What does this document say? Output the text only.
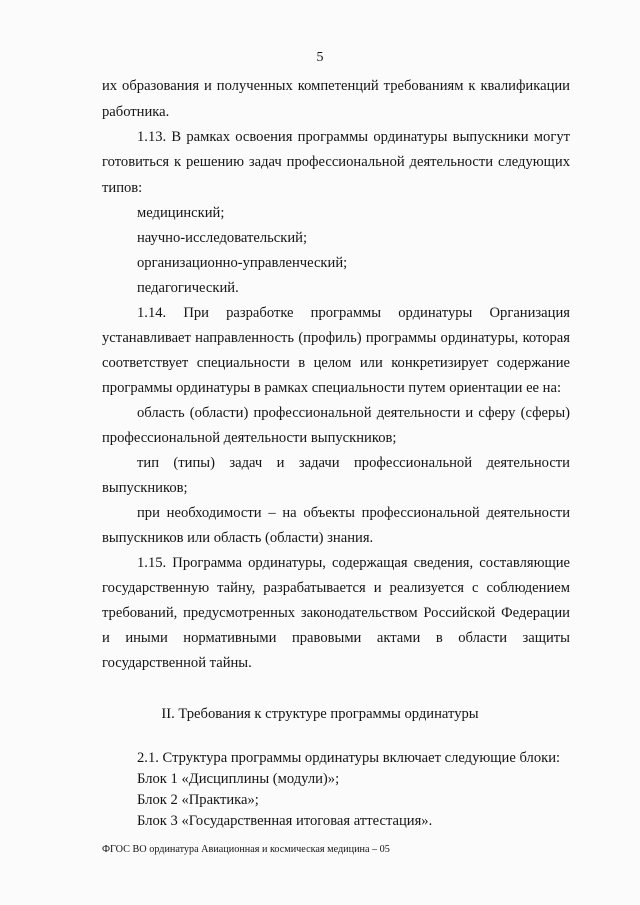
5
их образования и полученных компетенций требованиям к квалификации
работника.
1.13. В рамках освоения программы ординатуры выпускники могут
готовиться к решению задач профессиональной деятельности следующих
типов:
медицинский;
научно-исследовательский;
организационно-управленческий;
педагогический.
1.14. При разработке программы ординатуры Организация
устанавливает направленность (профиль) программы ординатуры, которая
соответствует специальности в целом или конкретизирует содержание
программы ординатуры в рамках специальности путем ориентации ее на:
область (области) профессиональной деятельности и сферу (сферы)
профессиональной деятельности выпускников;
тип (типы) задач и задачи профессиональной деятельности
выпускников;
при необходимости – на объекты профессиональной деятельности
выпускников или область (области) знания.
1.15. Программа ординатуры, содержащая сведения, составляющие
государственную тайну, разрабатывается и реализуется с соблюдением
требований, предусмотренных законодательством Российской Федерации
и иными нормативными правовыми актами в области защиты
государственной тайны.
II. Требования к структуре программы ординатуры
2.1. Структура программы ординатуры включает следующие блоки:
Блок 1 «Дисциплины (модули)»;
Блок 2 «Практика»;
Блок 3 «Государственная итоговая аттестация».
ФГОС ВО ординатура Авиационная и космическая медицина – 05
